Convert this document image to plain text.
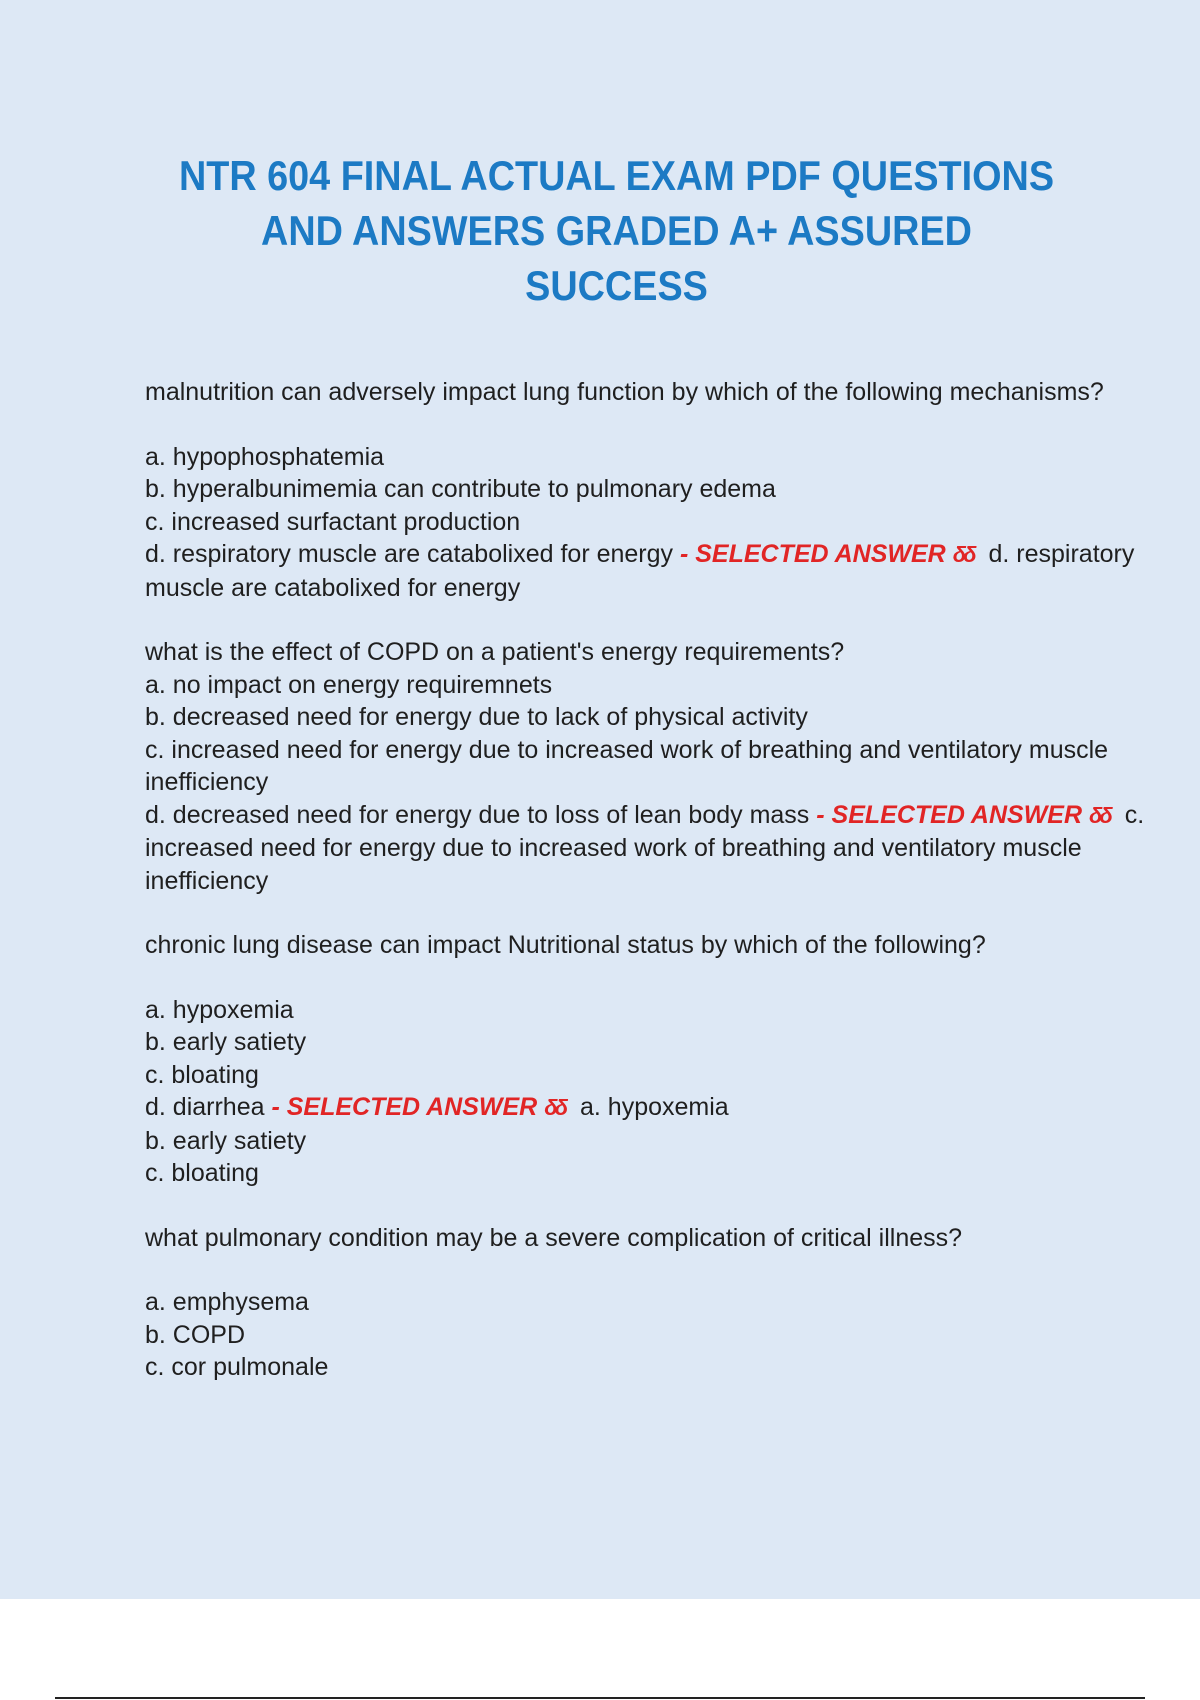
NTR 604 FINAL ACTUAL EXAM PDF QUESTIONS AND ANSWERS GRADED A+ ASSURED SUCCESS
malnutrition can adversely impact lung function by which of the following mechanisms?
a. hypophosphatemia
b. hyperalbunimemia can contribute to pulmonary edema
c. increased surfactant production
d. respiratory muscle are catabolixed for energy - SELECTED ANSWER δδ d. respiratory muscle are catabolixed for energy
what is the effect of COPD on a patient's energy requirements?
a. no impact on energy requiremnets
b. decreased need for energy due to lack of physical activity
c. increased need for energy due to increased work of breathing and ventilatory muscle inefficiency
d. decreased need for energy due to loss of lean body mass - SELECTED ANSWER δδ c. increased need for energy due to increased work of breathing and ventilatory muscle inefficiency
chronic lung disease can impact Nutritional status by which of the following?
a. hypoxemia
b. early satiety
c. bloating
d. diarrhea - SELECTED ANSWER δδ a. hypoxemia
b. early satiety
c. bloating
what pulmonary condition may be a severe complication of critical illness?
a. emphysema
b. COPD
c. cor pulmonale
